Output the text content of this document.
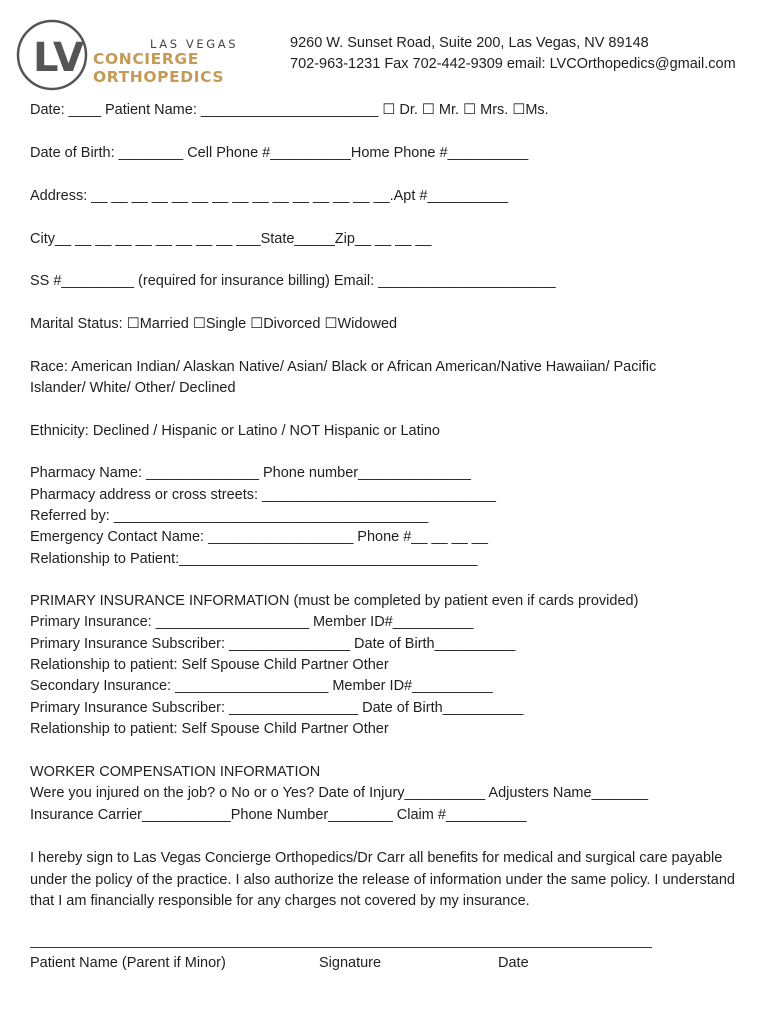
LV	LAS VEGAS
CONCIERGE ORTHOPEDICS
9260 W. Sunset Road, Suite 200, Las Vegas, NV 89148
702-963-1231 Fax 702-442-9309 email: LVCOrthopedics@gmail.com
Date: ____ Patient Name: ______________________ ☐ Dr. ☐ Mr. ☐ Mrs. ☐Ms.
Date of Birth: ________ Cell Phone #__________Home Phone #__________
Address: __ __ __ __ __ __ __ __ __ __ __ __ __ __ __.Apt #__________
City__ __ __ __ __ __ __ __ __ ___State_____Zip__ __ __ __
SS #_________ (required for insurance billing) Email: ______________________
Marital Status: ☐Married ☐Single ☐Divorced ☐Widowed
Race: American Indian/ Alaskan Native/ Asian/ Black or African American/Native Hawaiian/ Pacific
Islander/ White/ Other/ Declined
Ethnicity: Declined / Hispanic or Latino / NOT Hispanic or Latino
Pharmacy Name: ______________ Phone number______________
Pharmacy address or cross streets: _____________________________
Referred by: _______________________________________
Emergency Contact Name: __________________ Phone #__ __ __ __
Relationship to Patient:_____________________________________
PRIMARY INSURANCE INFORMATION (must be completed by patient even if cards provided)
Primary Insurance: ___________________ Member ID#__________
Primary Insurance Subscriber: _______________ Date of Birth__________
Relationship to patient: Self Spouse Child Partner Other
Secondary Insurance: ___________________ Member ID#__________
Primary Insurance Subscriber: ________________ Date of Birth__________
Relationship to patient: Self Spouse Child Partner Other
WORKER COMPENSATION INFORMATION
Were you injured on the job? o No or o Yes? Date of Injury__________ Adjusters Name_______
Insurance Carrier___________Phone Number________ Claim #__________
I hereby sign to Las Vegas Concierge Orthopedics/Dr Carr all benefits for medical and surgical care payable under the policy of the practice. I also authorize the release of information under the same policy. I understand that I am financially responsible for any charges not covered by my insurance.
Patient Name (Parent if Minor)	Signature	Date
